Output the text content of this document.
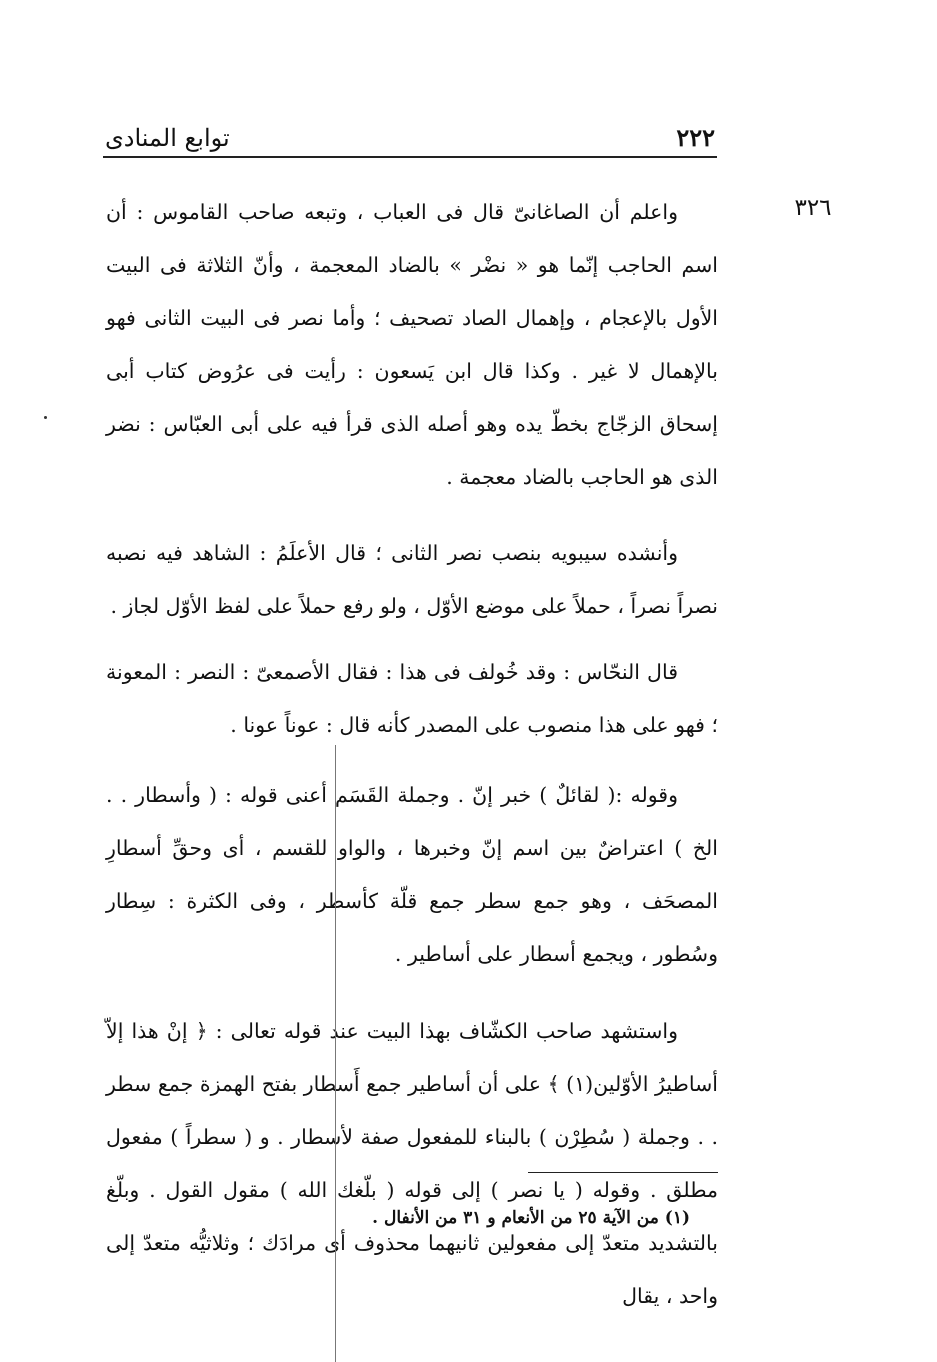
توابع المنادى	٢٢٢
٣٢٦

واعلم أن الصاغانىّ قال فى العباب ، وتبعه صاحب القاموس : أن اسم الحاجب إنّما هو « نضْر » بالضاد المعجمة ، وأنّ الثلاثة فى البيت الأول بالإعجام ، وإهمال الصاد تصحيف ؛ وأما نصر فى البيت الثانى فهو بالإهمال لا غير . وكذا قال ابن يَسعون : رأيت فى عرُوض كتاب أبى إسحاق الزجّاج بخطّ يده وهو أصله الذى قرأ فيه على أبى العبّاس : نضر الذى هو الحاجب بالضاد معجمة .

وأنشده سيبويه بنصب نصر الثانى ؛ قال الأعلَمُ : الشاهد فيه نصبه نصراً نصراً ، حملاً على موضع الأوّل ، ولو رفع حملاً على لفظ الأوّل لجاز .

قال النحّاس : وقد خُولف فى هذا : فقال الأصمعىّ : النصر : المعونة ؛ فهو على هذا منصوب على المصدر كأنه قال : عوناً عونا .

وقوله :( لقائلٌ ) خبر إنّ . وجملة القَسَم أعنى قوله : ( وأسطار . . الخ ) اعتراضٌ بين اسم إنّ وخبرها ، والواو للقسم ، أى وحقِّ أسطارِ المصحَف ، وهو جمع سطر جمع قلّة كأسطر ، وفى الكثرة : سِطار وسُطور ، ويجمع أسطار على أساطير .

واستشهد صاحب الكشّاف بهذا البيت عند قوله تعالى : ﴿ إنْ هذا إلاّ أساطيرُ الأوّلين(١) ﴾ على أن أساطير جمع أَسطار بفتح الهمزة جمع سطر . . وجملة ( سُطِرْن ) بالبناء للمفعول صفة لأسطار . و ( سطراً ) مفعول مطلق . وقوله ( يا نصر ) إلى قوله ( بلّغك الله ) مقول القول . وبلّغ بالتشديد متعدّ إلى مفعولين ثانيهما محذوف أى مرادَك ؛ وثلاثيُّه متعدّ إلى واحد ، يقال

(١) من الآية ٢٥ من الأنعام و ٣١ من الأنفال .
